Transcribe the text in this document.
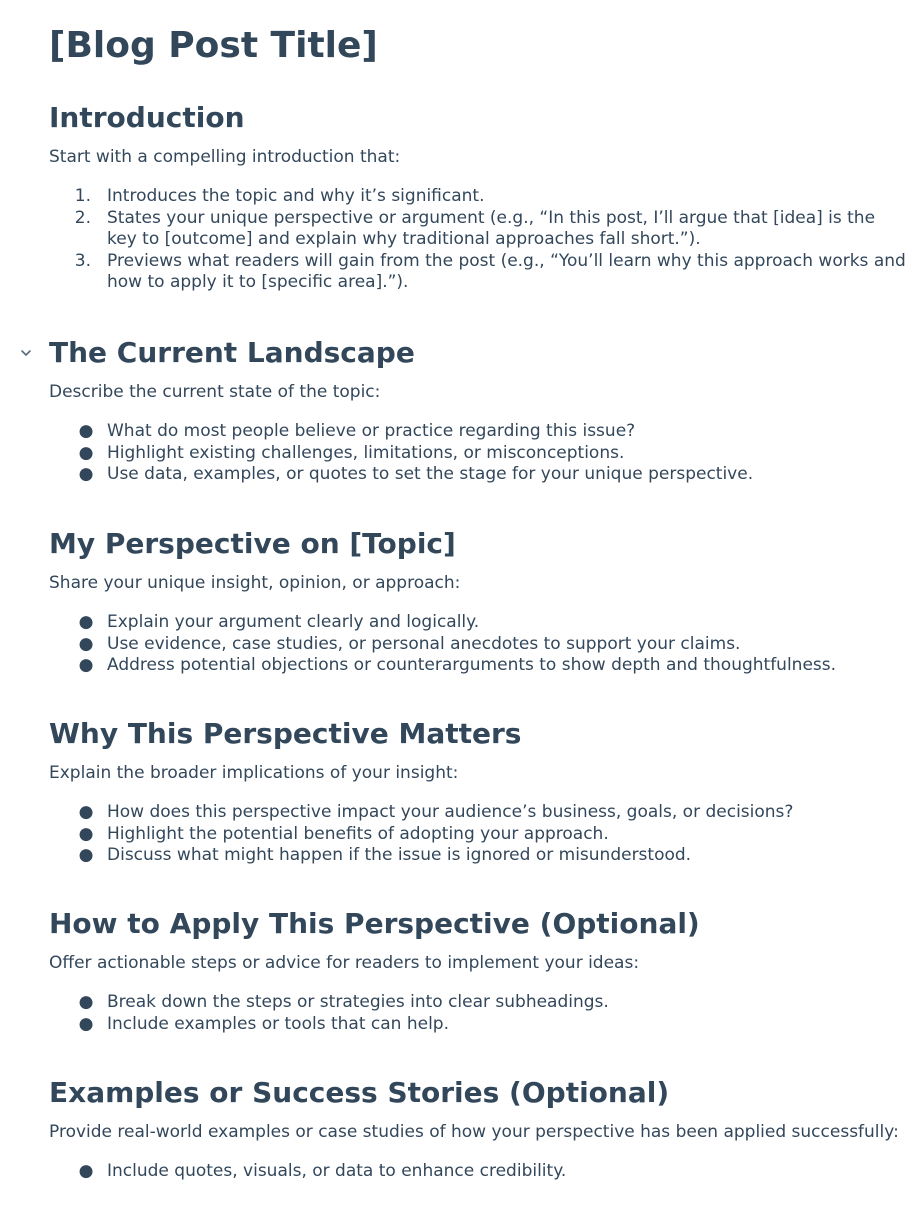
[Blog Post Title]
Introduction

Start with a compelling introduction that:

1. Introduces the topic and why it’s significant.
2. States your unique perspective or argument (e.g., “In this post, I’ll argue that [idea] is the key to [outcome] and explain why traditional approaches fall short.”).
3. Previews what readers will gain from the post (e.g., “You’ll learn why this approach works and how to apply it to [specific area].”).
The Current Landscape

Describe the current state of the topic:

● What do most people believe or practice regarding this issue?
● Highlight existing challenges, limitations, or misconceptions.
● Use data, examples, or quotes to set the stage for your unique perspective.
My Perspective on [Topic]

Share your unique insight, opinion, or approach:

● Explain your argument clearly and logically.
● Use evidence, case studies, or personal anecdotes to support your claims.
● Address potential objections or counterarguments to show depth and thoughtfulness.
Why This Perspective Matters

Explain the broader implications of your insight:

● How does this perspective impact your audience’s business, goals, or decisions?
● Highlight the potential benefits of adopting your approach.
● Discuss what might happen if the issue is ignored or misunderstood.
How to Apply This Perspective (Optional)

Offer actionable steps or advice for readers to implement your ideas:

● Break down the steps or strategies into clear subheadings.
● Include examples or tools that can help.
Examples or Success Stories (Optional)

Provide real-world examples or case studies of how your perspective has been applied successfully:

● Include quotes, visuals, or data to enhance credibility.
